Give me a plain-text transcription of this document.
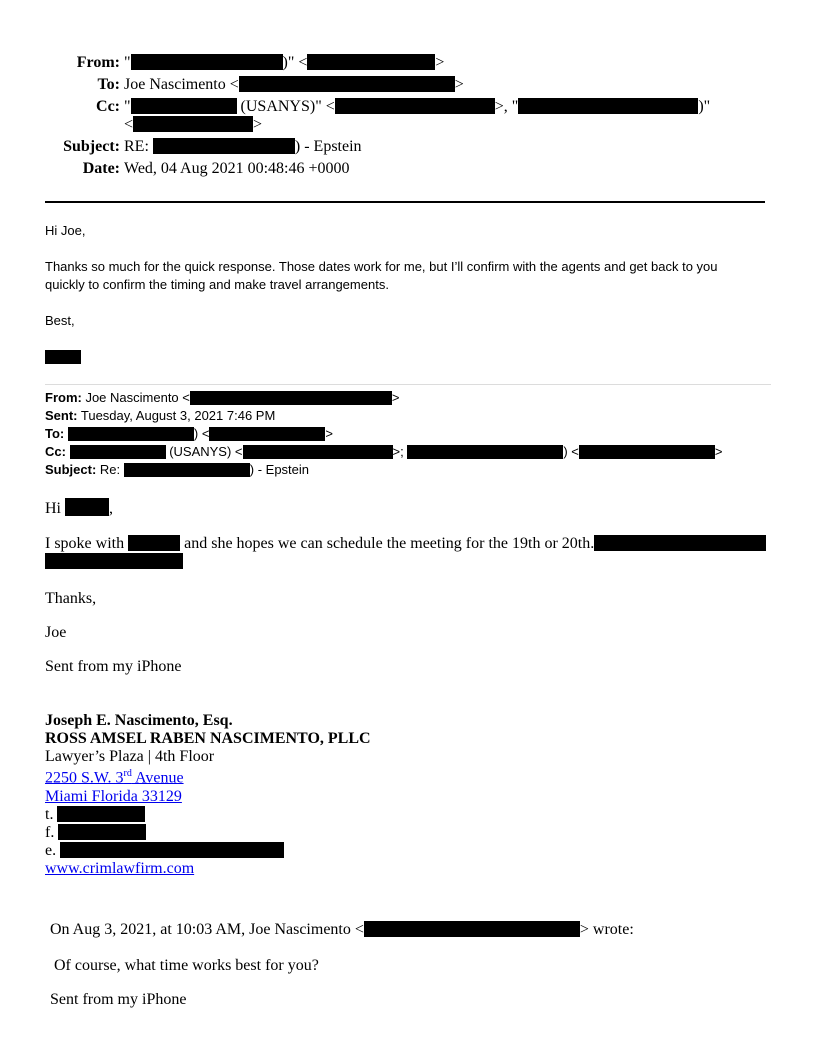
From: "	)" <	>
To: Joe Nascimento <	>
Cc: "	(USANYS)" <	>, "	)"
<	>
Subject: RE:	) - Epstein
Date: Wed, 04 Aug 2021 00:48:46 +0000
Hi Joe,
Thanks so much for the quick response. Those dates work for me, but I’ll confirm with the agents and get back to you
quickly to confirm the timing and make travel arrangements.
Best,
From: Joe Nascimento <	>
Sent: Tuesday, August 3, 2021 7:46 PM
To:	) <	>
Cc:	(USANYS) <	>;	) <	>
Subject: Re:	) - Epstein
Hi	,
I spoke with	and she hopes we can schedule the meeting for the 19th or 20th.
Thanks,
Joe
Sent from my iPhone
Joseph E. Nascimento, Esq.
ROSS AMSEL RABEN NASCIMENTO, PLLC
Lawyer’s Plaza | 4th Floor
2250 S.W. 3rd Avenue
Miami Florida 33129
t.
f.
e.
www.crimlawfirm.com
On Aug 3, 2021, at 10:03 AM, Joe Nascimento <	> wrote:
Of course, what time works best for you?
Sent from my iPhone
